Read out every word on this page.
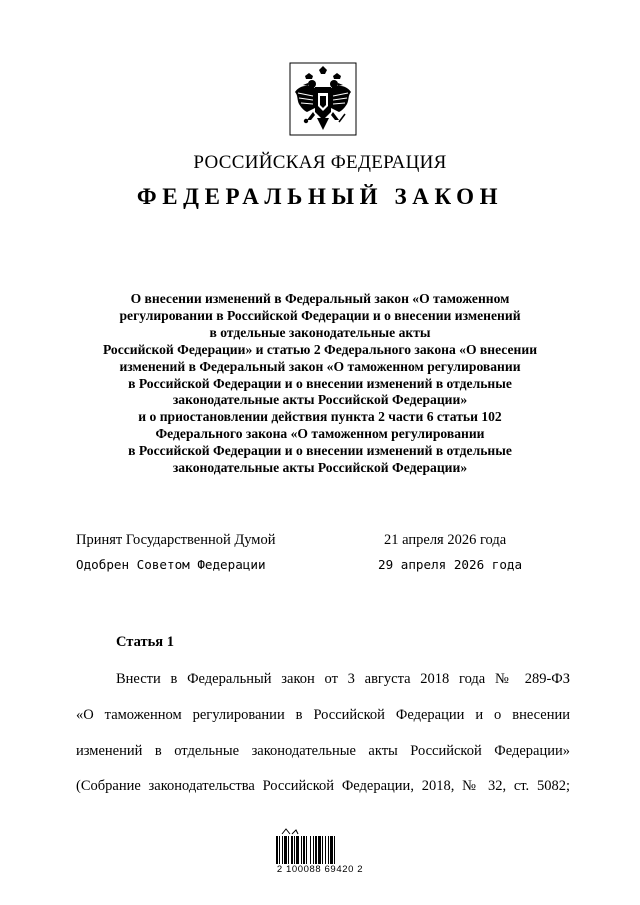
РОССИЙСКАЯ ФЕДЕРАЦИЯ
ФЕДЕРАЛЬНЫЙ ЗАКОН
О внесении изменений в Федеральный закон «О таможенном
регулировании в Российской Федерации и о внесении изменений
в отдельные законодательные акты
Российской Федерации» и статью 2 Федерального закона «О внесении
изменений в Федеральный закон «О таможенном регулировании
в Российской Федерации и о внесении изменений в отдельные
законодательные акты Российской Федерации»
и о приостановлении действия пункта 2 части 6 статьи 102
Федерального закона «О таможенном регулировании
в Российской Федерации и о внесении изменений в отдельные
законодательные акты Российской Федерации»
Принят Государственной Думой	21 апреля 2026 года
Одобрен Советом Федерации	29 апреля 2026 года
Статья 1
Внести в Федеральный закон от 3 августа 2018 года № 289-ФЗ
«О таможенном регулировании в Российской Федерации и о внесении
изменений в отдельные законодательные акты Российской Федерации»
(Собрание законодательства Российской Федерации, 2018, № 32, ст. 5082;
2 100088 69420 2
